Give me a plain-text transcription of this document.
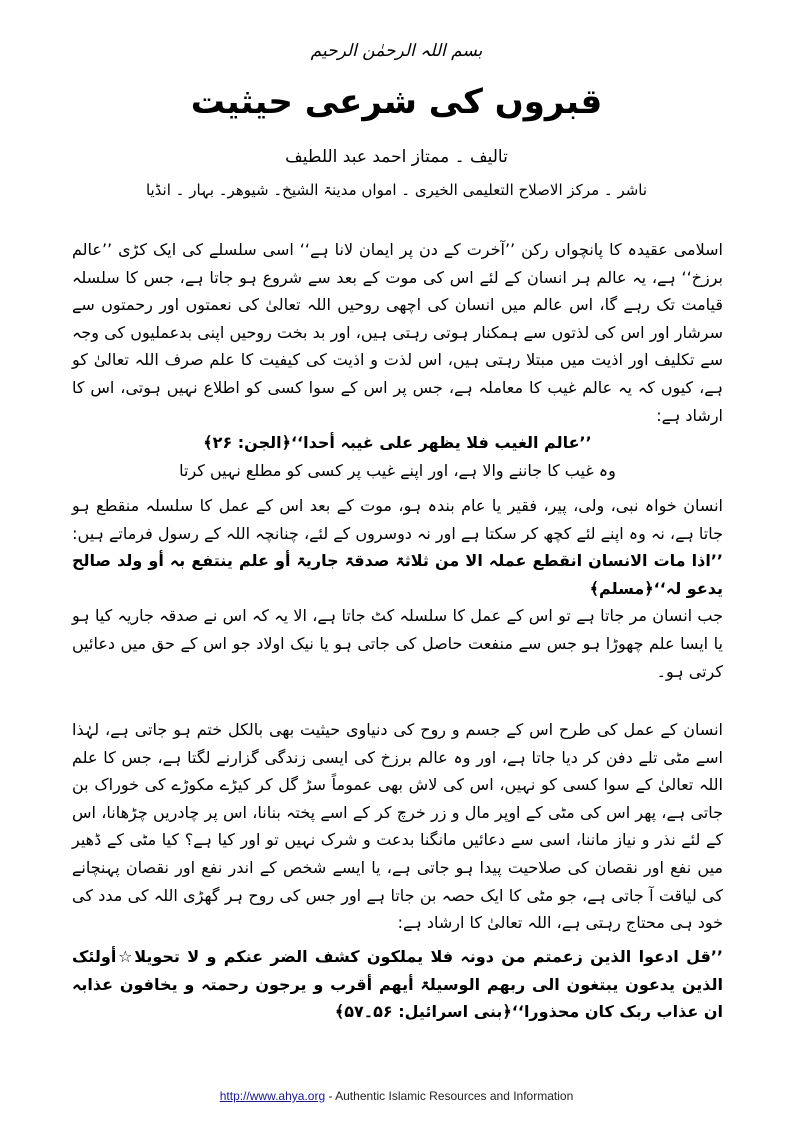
بسم اللہ الرحمٰن الرحیم
قبروں کی شرعی حیثیت
تالیف ۔ ممتاز احمد عبد اللطیف
ناشر ۔ مرکز الاصلاح التعلیمی الخیری ۔ امواں مدینۃ الشیخ۔ شیوھر۔ بہار ۔ انڈیا

اسلامی عقیدہ کا پانچواں رکن ’’آخرت کے دن پر ایمان لانا ہے‘‘ اسی سلسلے کی ایک کڑی ’’عالم برزخ‘‘ ہے، یہ عالم ہر انسان کے لئے اس کی موت کے بعد سے شروع ہو جاتا ہے، جس کا سلسلہ قیامت تک رہے گا، اس عالم میں انسان کی اچھی روحیں اللہ تعالیٰ کی نعمتوں اور رحمتوں سے سرشار اور اس کی لذتوں سے ہمکنار ہوتی رہتی ہیں، اور بد بخت روحیں اپنی بدعملیوں کی وجہ سے تکلیف اور اذیت میں مبتلا رہتی ہیں، اس لذت و اذیت کی کیفیت کا علم صرف اللہ تعالیٰ کو ہے، کیوں کہ یہ عالم غیب کا معاملہ ہے، جس پر اس کے سوا کسی کو اطلاع نہیں ہوتی، اس کا ارشاد ہے:

’’عالم الغیب فلا یظھر علی غیبہ أحدا‘‘﴿الجن: ۲۶﴾

وہ غیب کا جاننے والا ہے، اور اپنے غیب پر کسی کو مطلع نہیں کرتا

انسان خواہ نبی، ولی، پیر، فقیر یا عام بندہ ہو، موت کے بعد اس کے عمل کا سلسلہ منقطع ہو جاتا ہے، نہ وہ اپنے لئے کچھ کر سکتا ہے اور نہ دوسروں کے لئے، چنانچہ اللہ کے رسول فرماتے ہیں:

’’اذا مات الانسان انقطع عملہ الا من ثلاثۃ صدقۃ جاریۃ أو علم ینتفع بہ أو ولد صالح یدعو لہ‘‘﴿مسلم﴾

جب انسان مر جاتا ہے تو اس کے عمل کا سلسلہ کٹ جاتا ہے، الا یہ کہ اس نے صدقہ جاریہ کیا ہو یا ایسا علم چھوڑا ہو جس سے منفعت حاصل کی جاتی ہو یا نیک اولاد جو اس کے حق میں دعائیں کرتی ہو۔

انسان کے عمل کی طرح اس کے جسم و روح کی دنیاوی حیثیت بھی بالکل ختم ہو جاتی ہے، لہٰذا اسے مٹی تلے دفن کر دیا جاتا ہے، اور وہ عالم برزخ کی ایسی زندگی گزارنے لگتا ہے، جس کا علم اللہ تعالیٰ کے سوا کسی کو نہیں، اس کی لاش بھی عموماً سڑ گل کر کیڑے مکوڑے کی خوراک بن جاتی ہے، پھر اس کی مٹی کے اوپر مال و زر خرچ کر کے اسے پختہ بنانا، اس پر چادریں چڑھانا، اس کے لئے نذر و نیاز ماننا، اسی سے دعائیں مانگنا بدعت و شرک نہیں تو اور کیا ہے؟ کیا مٹی کے ڈھیر میں نفع اور نقصان کی صلاحیت پیدا ہو جاتی ہے، یا ایسے شخص کے اندر نفع اور نقصان پہنچانے کی لیاقت آ جاتی ہے، جو مٹی کا ایک حصہ بن جاتا ہے اور جس کی روح ہر گھڑی اللہ کی مدد کی خود ہی محتاج رہتی ہے، اللہ تعالیٰ کا ارشاد ہے:

’’قل ادعوا الذین زعمتم من دونہ فلا یملکون کشف الضر عنکم و لا تحویلا☆أولئک الذین یدعون یبتغون الی ربھم الوسیلۃ أیھم أقرب و یرجون رحمتہ و یخافون عذابہ ان عذاب ربک کان محذورا‘‘﴿بنی اسرائیل: ۵۶۔۵۷﴾

http://www.ahya.org - Authentic Islamic Resources and Information
